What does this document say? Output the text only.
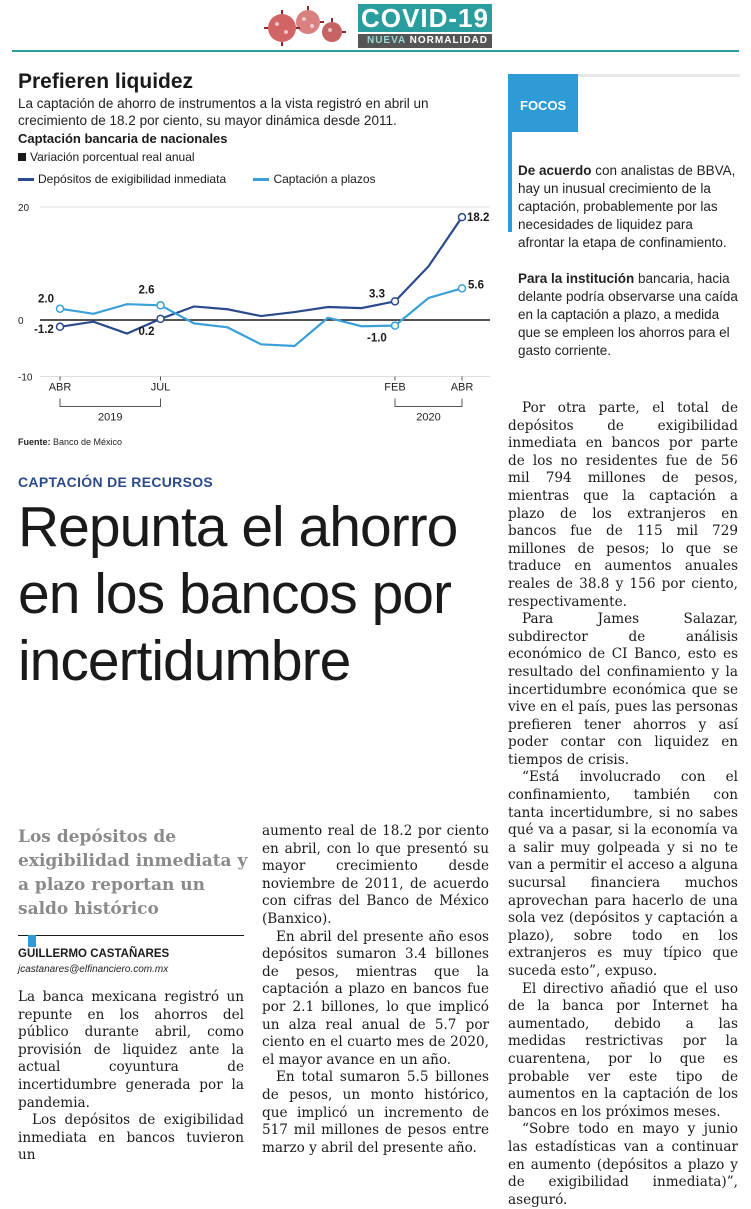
COVID-19
NUEVA NORMALIDAD
Prefieren liquidez
La captación de ahorro de instrumentos a la vista registró en abril un crecimiento de 18.2 por ciento, su mayor dinámica desde 2011.
Captación bancaria de nacionales
Variación porcentual real anual
Depósitos de exigibilidad inmediata	Captación a plazos
20
0
-10
ABR	JUL	FEB	ABR
2019	2020
2.0
-1.2
2.6
0.2
3.3
-1.0
18.2
5.6
Fuente: Banco de México
FOCOS

De acuerdo con analistas de BBVA, hay un inusual crecimiento de la captación, probablemente por las necesidades de liquidez para afrontar la etapa de confinamiento.

Para la institución bancaria, hacia delante podría observarse una caída en la captación a plazo, a medida que se empleen los ahorros para el gasto corriente.

CAPTACIÓN DE RECURSOS
Repunta el ahorro en los bancos por incertidumbre
Los depósitos de exigibilidad inmediata y a plazo reportan un saldo histórico
GUILLERMO CASTAÑARES
jcastanares@elfinanciero.com.mx

La banca mexicana registró un repunte en los ahorros del público durante abril, como provisión de liquidez ante la actual coyuntura de incertidumbre generada por la pandemia.

Los depósitos de exigibilidad inmediata en bancos tuvieron un

aumento real de 18.2 por ciento en abril, con lo que presentó su mayor crecimiento desde noviembre de 2011, de acuerdo con cifras del Banco de México (Banxico).

En abril del presente año esos depósitos sumaron 3.4 billones de pesos, mientras que la captación a plazo en bancos fue por 2.1 billones, lo que implicó un alza real anual de 5.7 por ciento en el cuarto mes de 2020, el mayor avance en un año.

En total sumaron 5.5 billones de pesos, un monto histórico, que implicó un incremento de 517 mil millones de pesos entre marzo y abril del presente año.

Por otra parte, el total de depósitos de exigibilidad inmediata en bancos por parte de los no residentes fue de 56 mil 794 millones de pesos, mientras que la captación a plazo de los extranjeros en bancos fue de 115 mil 729 millones de pesos; lo que se traduce en aumentos anuales reales de 38.8 y 156 por ciento, respectivamente.

Para James Salazar, subdirector de análisis económico de CI Banco, esto es resultado del confinamiento y la incertidumbre económica que se vive en el país, pues las personas prefieren tener ahorros y así poder contar con liquidez en tiempos de crisis.

“Está involucrado con el confinamiento, también con tanta incertidumbre, si no sabes qué va a pasar, si la economía va a salir muy golpeada y si no te van a permitir el acceso a alguna sucursal financiera muchos aprovechan para hacerlo de una sola vez (depósitos y captación a plazo), sobre todo en los extranjeros es muy típico que suceda esto”, expuso.

El directivo añadió que el uso de la banca por Internet ha aumentado, debido a las medidas restrictivas por la cuarentena, por lo que es probable ver este tipo de aumentos en la captación de los bancos en los próximos meses.

“Sobre todo en mayo y junio las estadísticas van a continuar en aumento (depósitos a plazo y de exigibilidad inmediata)”, aseguró.
